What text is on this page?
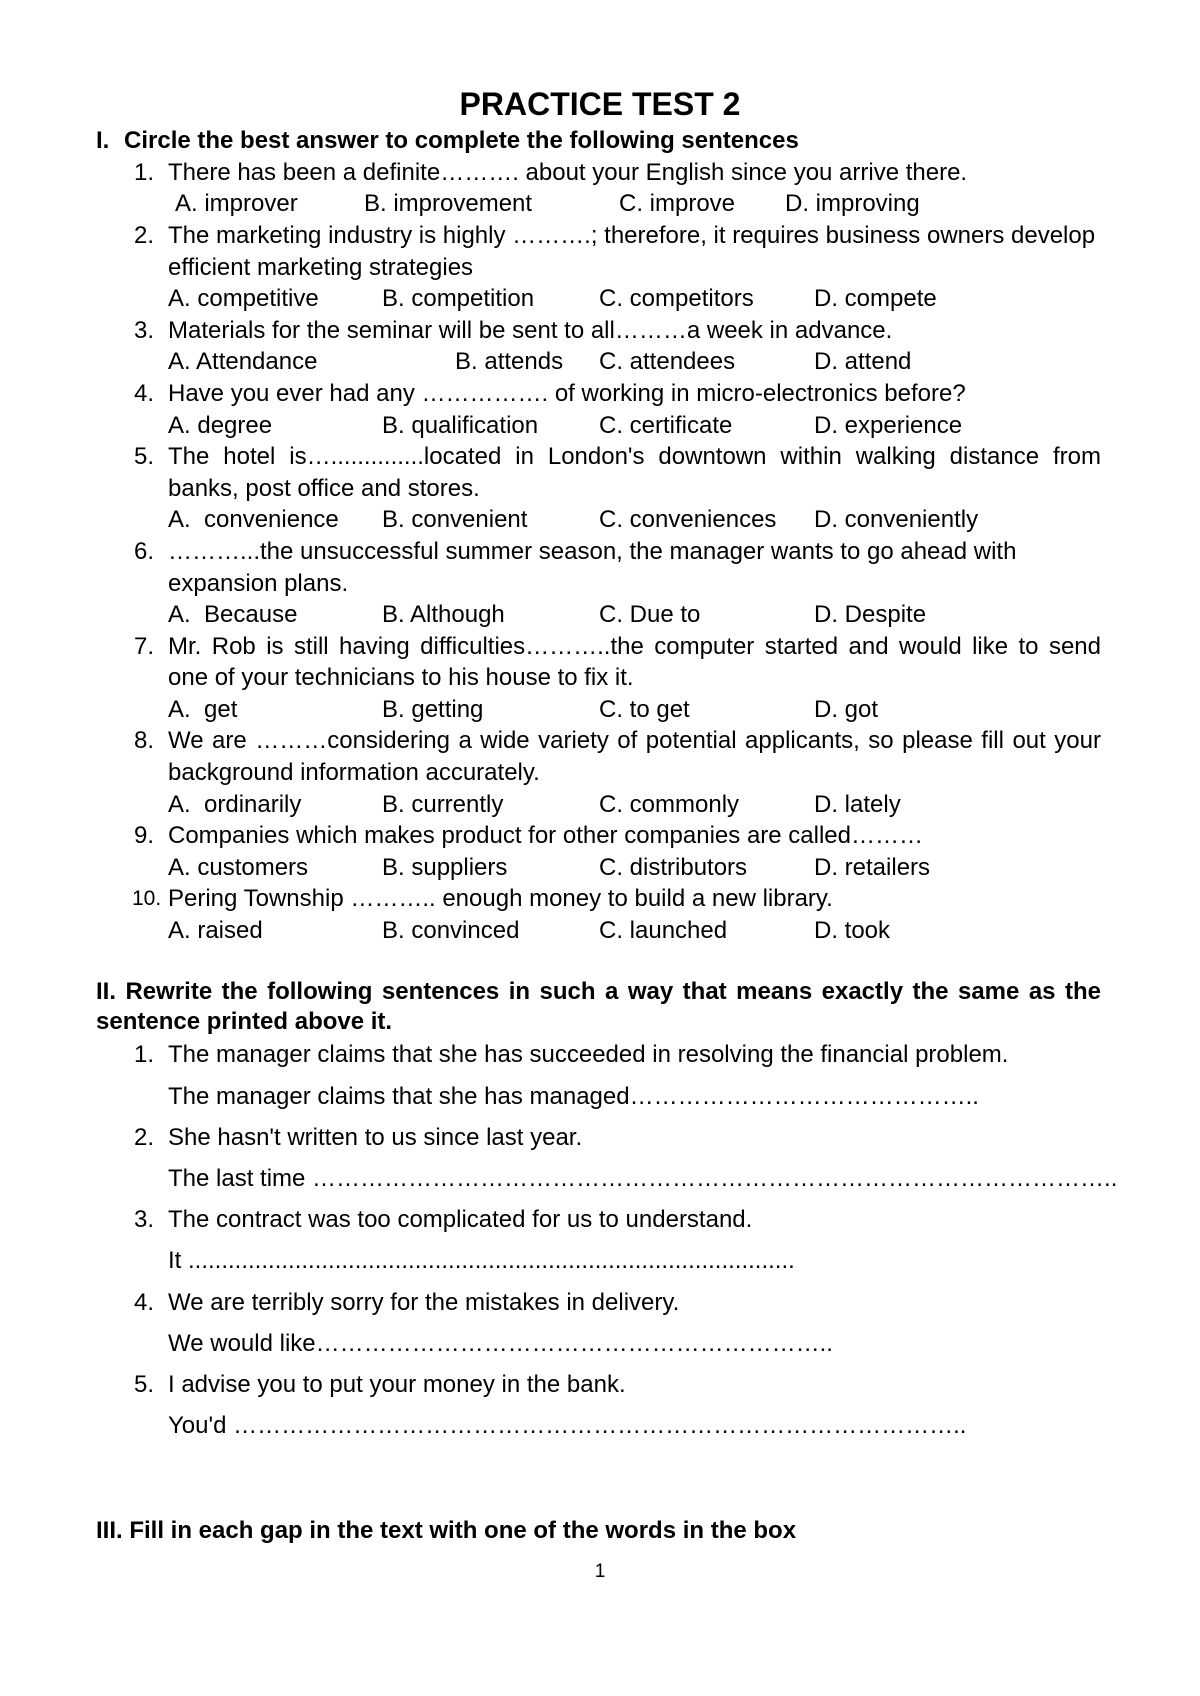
PRACTICE TEST 2
I. Circle the best answer to complete the following sentences
1. There has been a definite………. about your English since you arrive there.

A. improver

	B. improvement

	C. improve

D. improving

2. The marketing industry is highly ……….; therefore, it requires business owners develop
efficient marketing strategies

A. competitive

	B. competition

	C. competitors

	D. compete

3. Materials for the seminar will be sent to all………a week in advance.

A. Attendance

	B. attends

C. attendees

	D. attend

4. Have you ever had any ……………. of working in micro-electronics before?

A. degree

	B. qualification

	C. certificate

	D. experience

5. The hotel is…..............located in London's downtown within walking distance from
banks, post office and stores.

A.  convenience

B. convenient

	C. conveniences

D. conveniently

6. ………...the unsuccessful summer season, the manager wants to go ahead with
expansion plans.

A.  Because

	B. Although

	C. Due to

	D. Despite

7. Mr. Rob is still having difficulties………..the computer started and would like to send
one of your technicians to his house to fix it.

A.  get

	B. getting

	C. to get

	D. got

8. We are ………considering a wide variety of potential applicants, so please fill out your
background information accurately.

A.  ordinarily

	B. currently

	C. commonly

	D. lately

9. Companies which makes product for other companies are called………

A. customers

	B. suppliers

	C. distributors

	D. retailers

10. Pering Township ……….. enough money to build a new library.

A. raised

	B. convinced

	C. launched

	D. took

II. Rewrite the following sentences in such a way that means exactly the same as the
sentence printed above it.
1. The manager claims that she has succeeded in resolving the financial problem.
The manager claims that she has managed……………………………………..
2. She hasn't written to us since last year.
The last time ………………………………………………………………………………………..
3. The contract was too complicated for us to understand.
It ...........................................................................................
4. We are terribly sorry for the mistakes in delivery.
We would like………………………………………………………..
5. I advise you to put your money in the bank.
You'd ………………………………………………………………………………..
III. Fill in each gap in the text with one of the words in the box
1
